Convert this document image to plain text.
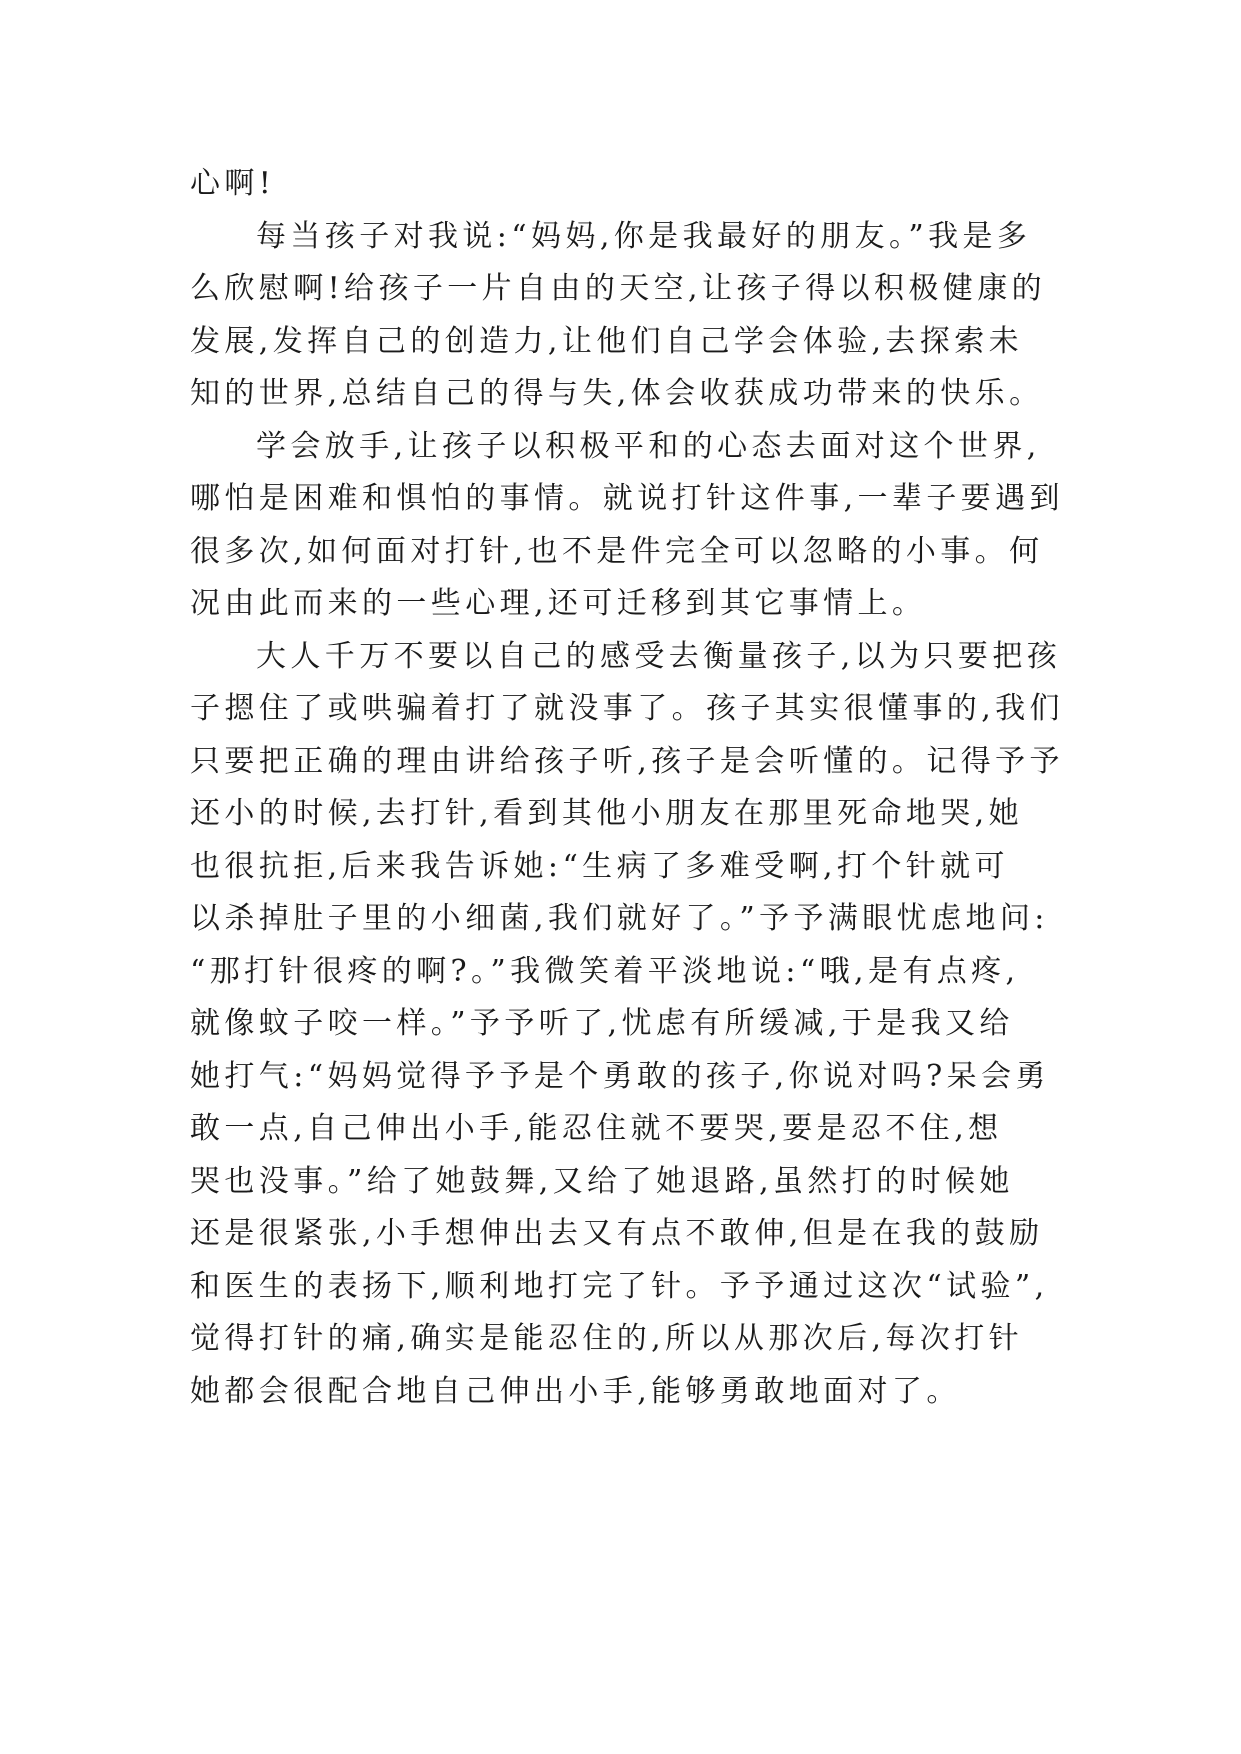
心啊!
每当孩子对我说:“妈妈,你是我最好的朋友。”我是多
么欣慰啊!给孩子一片自由的天空,让孩子得以积极健康的
发展,发挥自己的创造力,让他们自己学会体验,去探索未
知的世界,总结自己的得与失,体会收获成功带来的快乐。
学会放手,让孩子以积极平和的心态去面对这个世界,
哪怕是困难和惧怕的事情。就说打针这件事,一辈子要遇到
很多次,如何面对打针,也不是件完全可以忽略的小事。何
况由此而来的一些心理,还可迁移到其它事情上。
大人千万不要以自己的感受去衡量孩子,以为只要把孩
子摁住了或哄骗着打了就没事了。孩子其实很懂事的,我们
只要把正确的理由讲给孩子听,孩子是会听懂的。记得予予
还小的时候,去打针,看到其他小朋友在那里死命地哭,她
也很抗拒,后来我告诉她:“生病了多难受啊,打个针就可
以杀掉肚子里的小细菌,我们就好了。”予予满眼忧虑地问:
“那打针很疼的啊?。”我微笑着平淡地说:“哦,是有点疼,
就像蚊子咬一样。”予予听了,忧虑有所缓减,于是我又给
她打气:“妈妈觉得予予是个勇敢的孩子,你说对吗?呆会勇
敢一点,自己伸出小手,能忍住就不要哭,要是忍不住,想
哭也没事。”给了她鼓舞,又给了她退路,虽然打的时候她
还是很紧张,小手想伸出去又有点不敢伸,但是在我的鼓励
和医生的表扬下,顺利地打完了针。予予通过这次“试验”,
觉得打针的痛,确实是能忍住的,所以从那次后,每次打针
她都会很配合地自己伸出小手,能够勇敢地面对了。
